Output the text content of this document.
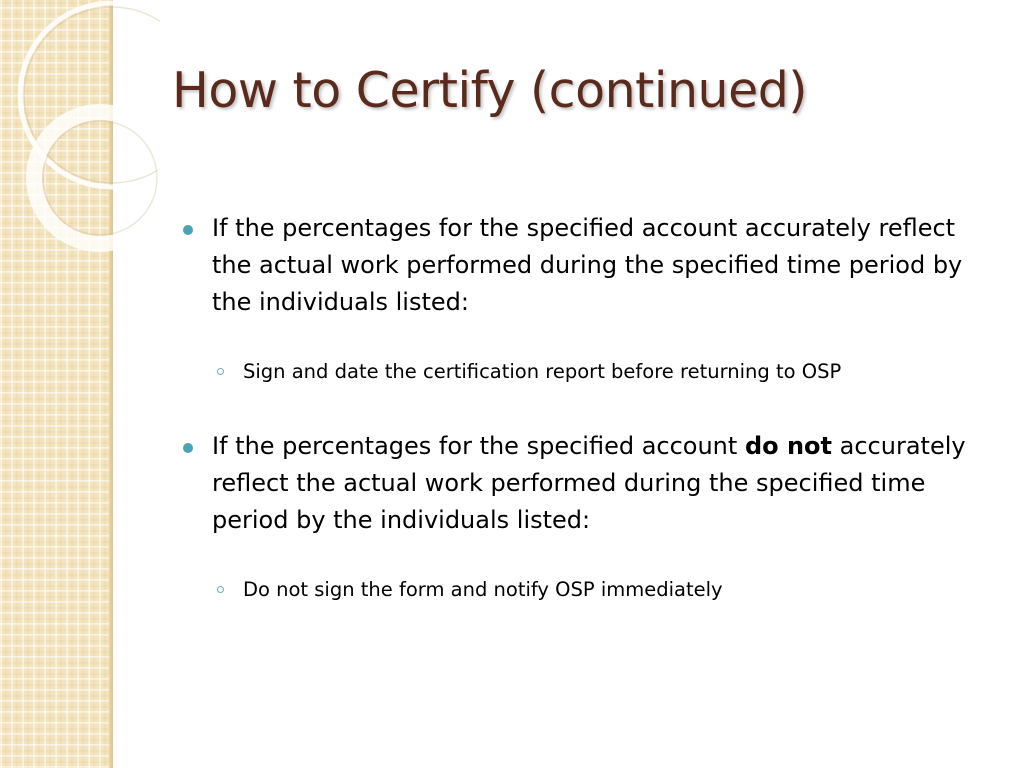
How to Certify (continued)
If the percentages for the specified account accurately reflect the actual work performed during the specified time period by the individuals listed:
Sign and date the certification report before returning to OSP
If the percentages for the specified account do not accurately reflect the actual work performed during the specified time period by the individuals listed:
Do not sign the form and notify OSP immediately
